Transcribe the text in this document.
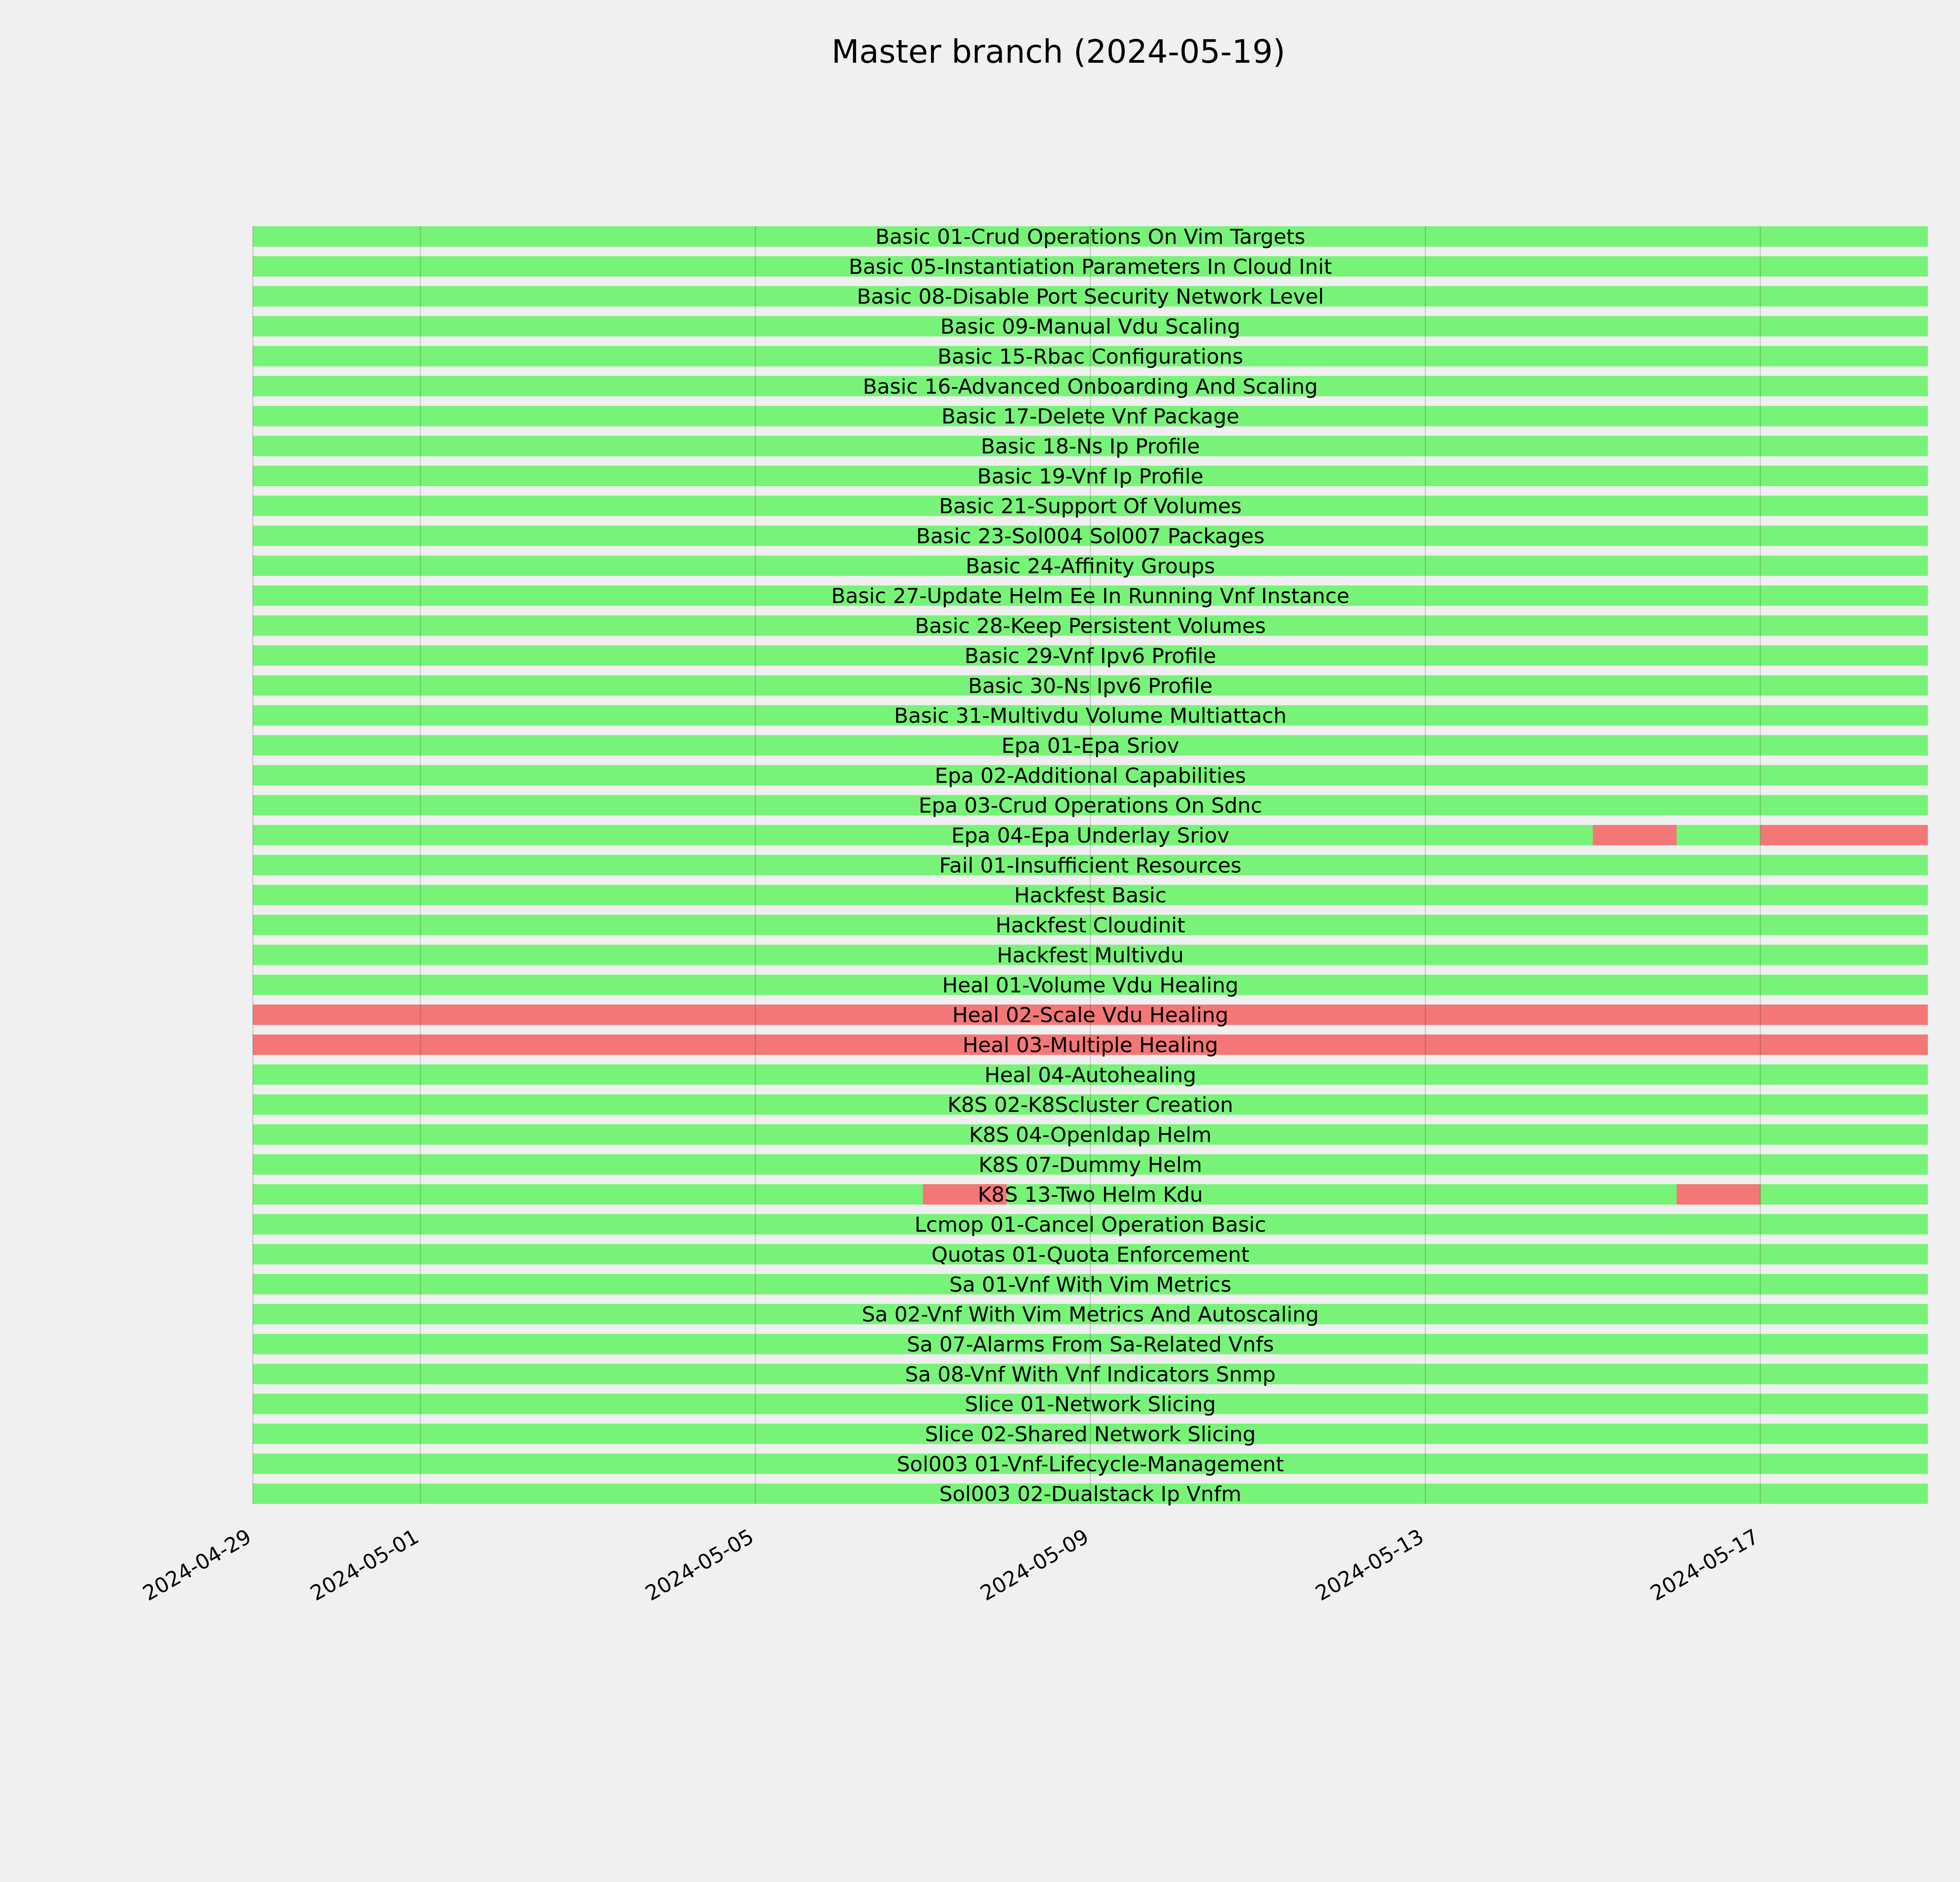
Master branch (2024-05-19)
Basic 01-Crud Operations On Vim Targets
Basic 05-Instantiation Parameters In Cloud Init
Basic 08-Disable Port Security Network Level
Basic 09-Manual Vdu Scaling
Basic 15-Rbac Configurations
Basic 16-Advanced Onboarding And Scaling
Basic 17-Delete Vnf Package
Basic 18-Ns Ip Profile
Basic 19-Vnf Ip Profile
Basic 21-Support Of Volumes
Basic 23-Sol004 Sol007 Packages
Basic 24-Affinity Groups
Basic 27-Update Helm Ee In Running Vnf Instance
Basic 28-Keep Persistent Volumes
Basic 29-Vnf Ipv6 Profile
Basic 30-Ns Ipv6 Profile
Basic 31-Multivdu Volume Multiattach
Epa 01-Epa Sriov
Epa 02-Additional Capabilities
Epa 03-Crud Operations On Sdnc
Epa 04-Epa Underlay Sriov
Fail 01-Insufficient Resources
Hackfest Basic
Hackfest Cloudinit
Hackfest Multivdu
Heal 01-Volume Vdu Healing
Heal 02-Scale Vdu Healing
Heal 03-Multiple Healing
Heal 04-Autohealing
K8S 02-K8Scluster Creation
K8S 04-Openldap Helm
K8S 07-Dummy Helm
K8S 13-Two Helm Kdu
Lcmop 01-Cancel Operation Basic
Quotas 01-Quota Enforcement
Sa 01-Vnf With Vim Metrics
Sa 02-Vnf With Vim Metrics And Autoscaling
Sa 07-Alarms From Sa-Related Vnfs
Sa 08-Vnf With Vnf Indicators Snmp
Slice 01-Network Slicing
Slice 02-Shared Network Slicing
Sol003 01-Vnf-Lifecycle-Management
Sol003 02-Dualstack Ip Vnfm
2024-04-29 2024-05-01	2024-05-05	2024-05-09	2024-05-13	2024-05-17
